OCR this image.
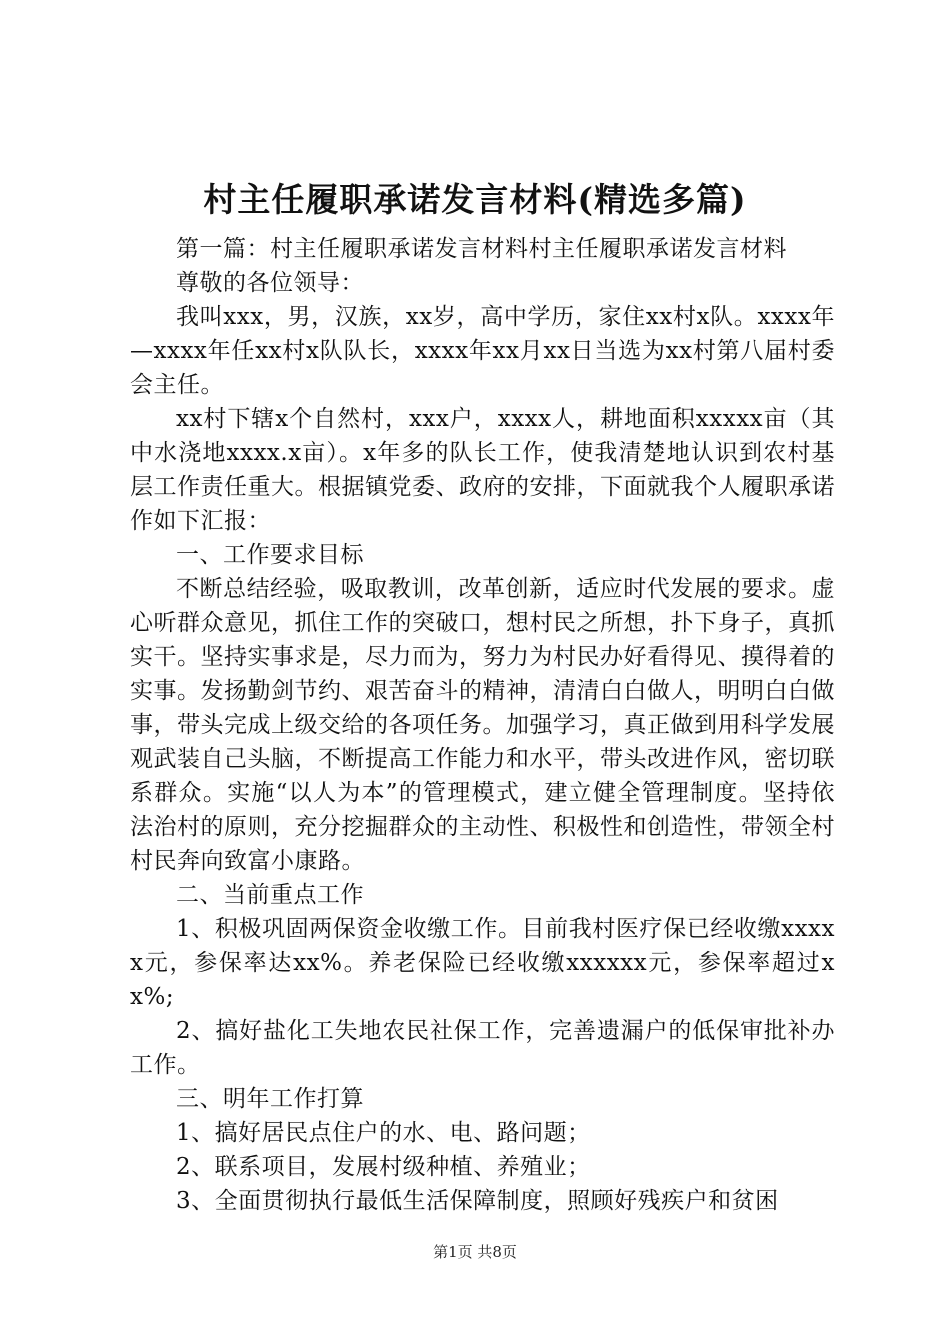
村主任履职承诺发言材料(精选多篇)

第一篇：村主任履职承诺发言材料村主任履职承诺发言材料

尊敬的各位领导：

我叫xxx，男，汉族，xx岁，高中学历，家住xx村x队。xxxx年—xxxx年任xx村x队队长，xxxx年xx月xx日当选为xx村第八届村委会主任。

xx村下辖x个自然村，xxx户，xxxx人，耕地面积xxxxx亩（其中水浇地xxxx.x亩）。x年多的队长工作，使我清楚地认识到农村基层工作责任重大。根据镇党委、政府的安排，下面就我个人履职承诺作如下汇报：

一、工作要求目标

不断总结经验，吸取教训，改革创新，适应时代发展的要求。虚心听群众意见，抓住工作的突破口，想村民之所想，扑下身子，真抓实干。坚持实事求是，尽力而为，努力为村民办好看得见、摸得着的实事。发扬勤剑节约、艰苦奋斗的精神，清清白白做人，明明白白做事，带头完成上级交给的各项任务。加强学习，真正做到用科学发展观武装自己头脑，不断提高工作能力和水平，带头改进作风，密切联系群众。实施“以人为本”的管理模式，建立健全管理制度。坚持依法治村的原则，充分挖掘群众的主动性、积极性和创造性，带领全村村民奔向致富小康路。

二、当前重点工作

1、积极巩固两保资金收缴工作。目前我村医疗保已经收缴xxxxx元，参保率达xx%。养老保险已经收缴xxxxxx元，参保率超过xx%;

2、搞好盐化工失地农民社保工作，完善遗漏户的低保审批补办工作。

三、明年工作打算

1、搞好居民点住户的水、电、路问题；

2、联系项目，发展村级种植、养殖业；

3、全面贯彻执行最低生活保障制度，照顾好残疾户和贫困

第1页 共8页
